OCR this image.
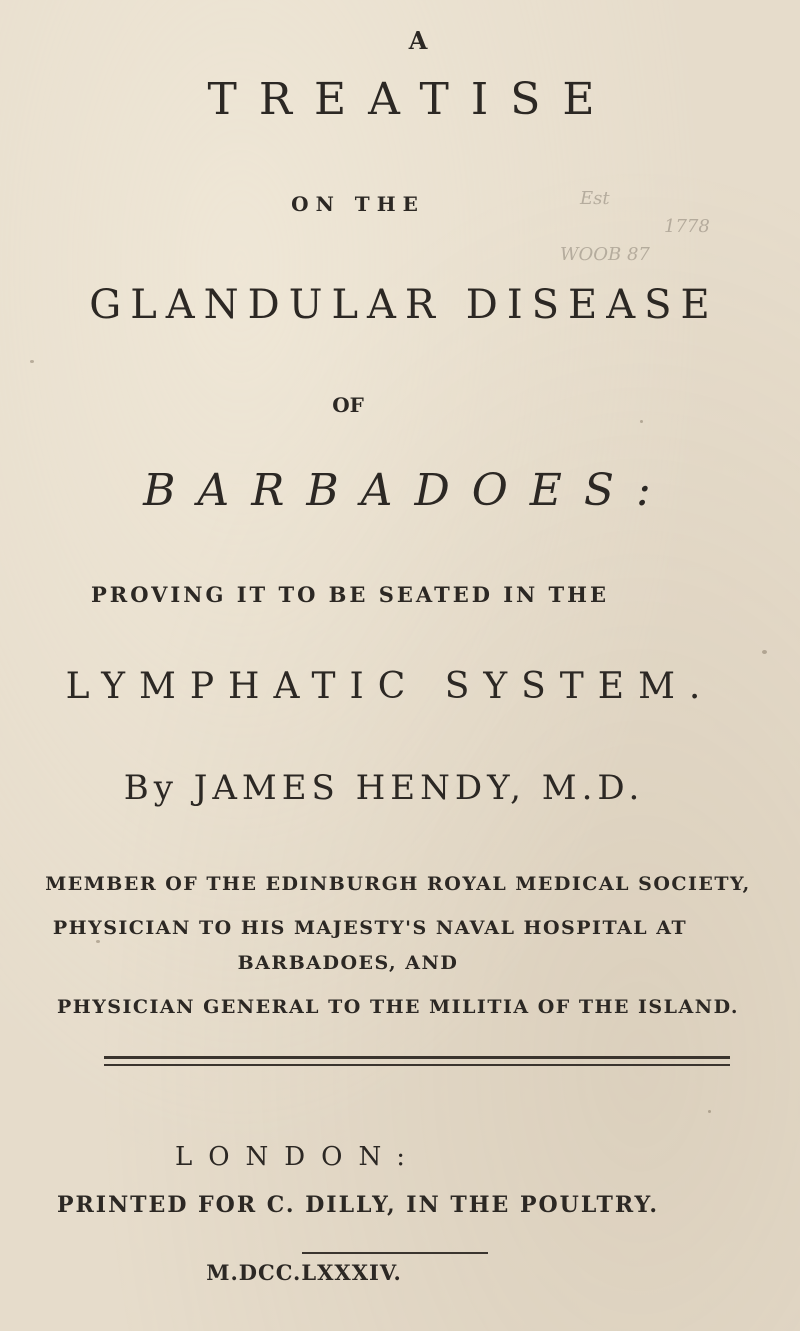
A
TREATISE
Est
1778
WOOB 87
ON THE
GLANDULAR DISEASE
OF
BARBADOES:
PROVING IT TO BE SEATED IN THE
LYMPHATIC SYSTEM.
By JAMES HENDY, M.D.
MEMBER OF THE EDINBURGH ROYAL MEDICAL SOCIETY,
PHYSICIAN TO HIS MAJESTY'S NAVAL HOSPITAL AT
BARBADOES, AND
PHYSICIAN GENERAL TO THE MILITIA OF THE ISLAND.
LONDON:
PRINTED FOR C. DILLY, IN THE POULTRY.
M.DCC.LXXXIV.
